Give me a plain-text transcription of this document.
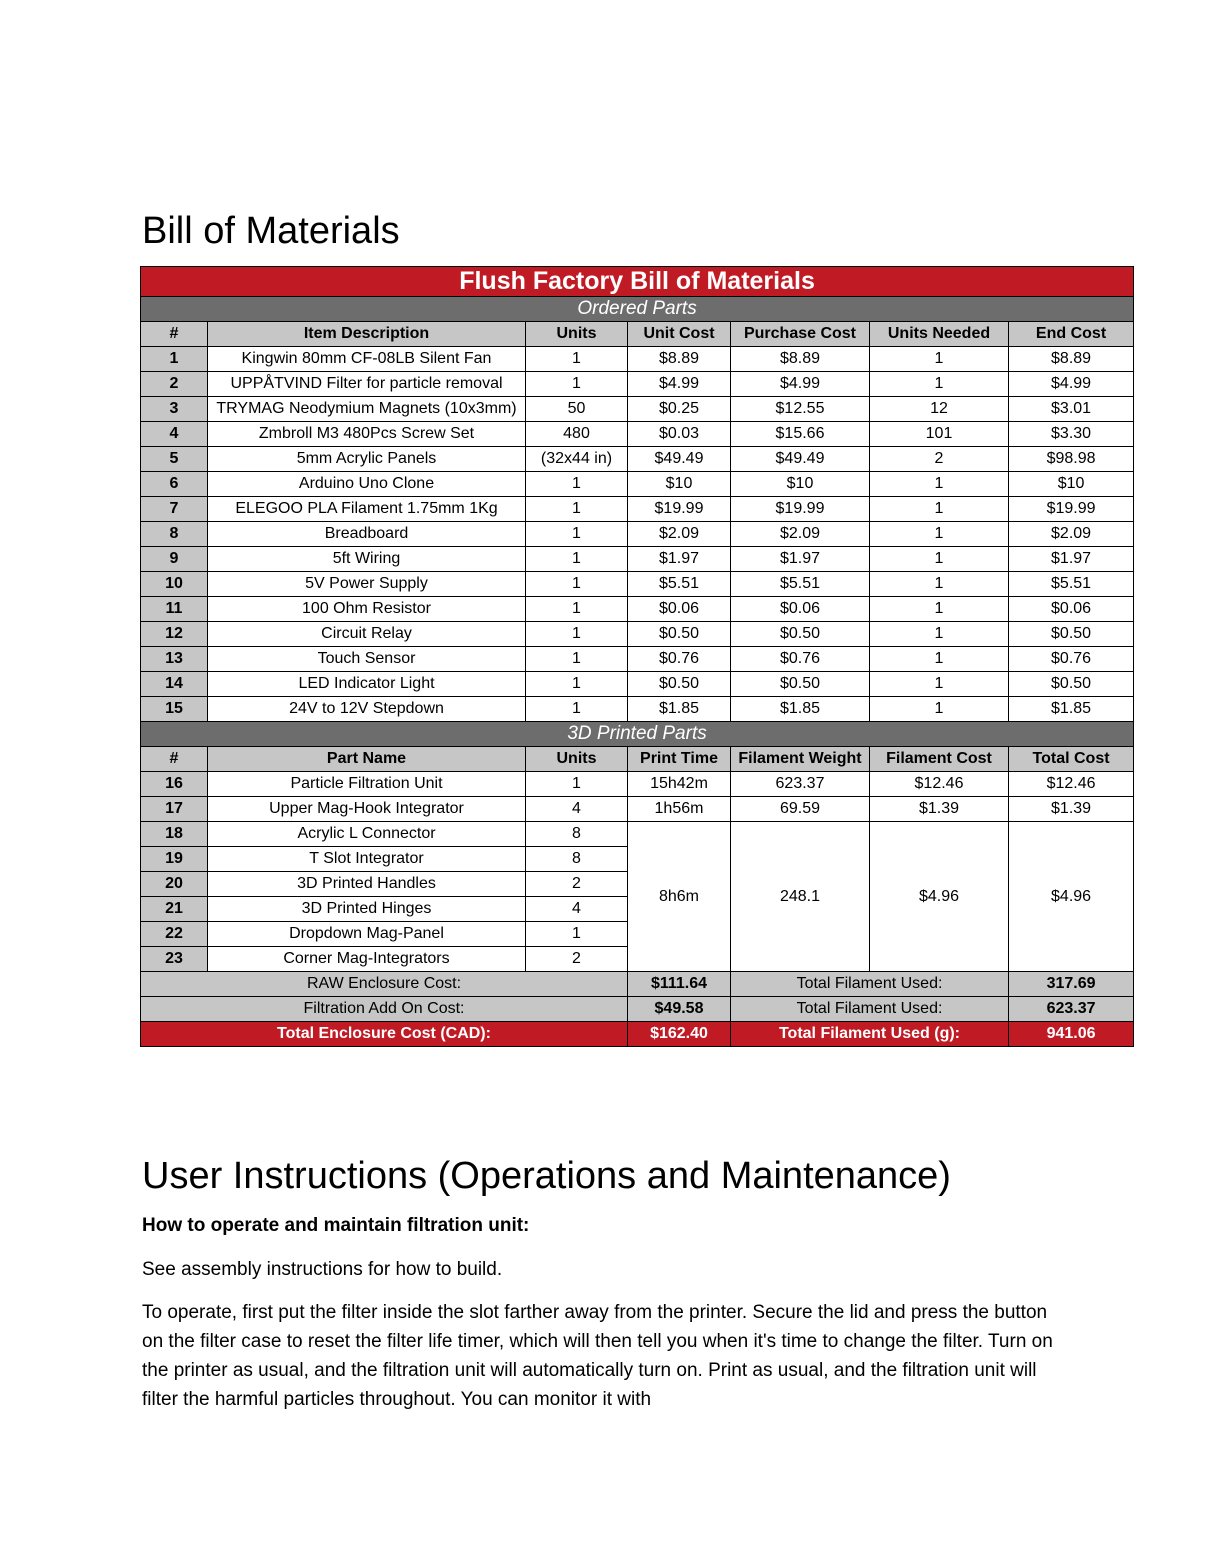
Bill of Materials
Flush Factory Bill of Materials						
Ordered Parts						
#	Item Description	Units	Unit Cost	Purchase Cost	Units Needed	End Cost
1	Kingwin 80mm CF-08LB Silent Fan	1	$8.89	$8.89	1	$8.89
2	UPPÅTVIND Filter for particle removal	1	$4.99	$4.99	1	$4.99
3	TRYMAG Neodymium Magnets (10x3mm)	50	$0.25	$12.55	12	$3.01
4	Zmbroll M3 480Pcs Screw Set	480	$0.03	$15.66	101	$3.30
5	5mm Acrylic Panels	(32x44 in)	$49.49	$49.49	2	$98.98
6	Arduino Uno Clone	1	$10	$10	1	$10
7	ELEGOO PLA Filament 1.75mm 1Kg	1	$19.99	$19.99	1	$19.99
8	Breadboard	1	$2.09	$2.09	1	$2.09
9	5ft Wiring	1	$1.97	$1.97	1	$1.97
10	5V Power Supply	1	$5.51	$5.51	1	$5.51
11	100 Ohm Resistor	1	$0.06	$0.06	1	$0.06
12	Circuit Relay	1	$0.50	$0.50	1	$0.50
13	Touch Sensor	1	$0.76	$0.76	1	$0.76
14	LED Indicator Light	1	$0.50	$0.50	1	$0.50
15	24V to 12V Stepdown	1	$1.85	$1.85	1	$1.85
3D Printed Parts						
#	Part Name	Units	Print Time	Filament Weight	Filament Cost	Total Cost
16	Particle Filtration Unit	1	15h42m	623.37	$12.46	$12.46
17	Upper Mag-Hook Integrator	4	1h56m	69.59	$1.39	$1.39
18	Acrylic L Connector	8	8h6m	248.1	$4.96	$4.96
19	T Slot Integrator	8				
20	3D Printed Handles	2				
21	3D Printed Hinges	4				
22	Dropdown Mag-Panel	1				
23	Corner Mag-Integrators	2				
RAW Enclosure Cost:			$111.64	Total Filament Used:		317.69
Filtration Add On Cost:			$49.58	Total Filament Used:		623.37
Total Enclosure Cost (CAD):			$162.40	Total Filament Used (g):		941.06
User Instructions (Operations and Maintenance)

How to operate and maintain filtration unit:

See assembly instructions for how to build.

To operate, first put the filter inside the slot farther away from the printer. Secure the lid and press the button on the filter case to reset the filter life timer, which will then tell you when it's time to change the filter. Turn on the printer as usual, and the filtration unit will automatically turn on. Print as usual, and the filtration unit will filter the harmful particles throughout. You can monitor it with
